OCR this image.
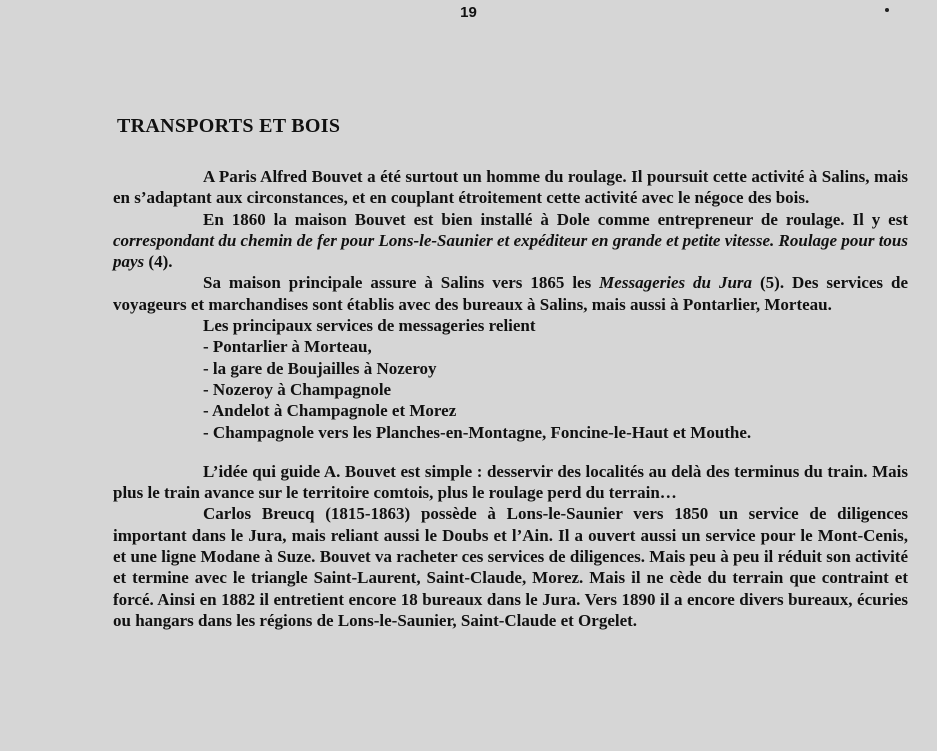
19
TRANSPORTS ET BOIS

A Paris Alfred Bouvet a été surtout un homme du roulage. Il poursuit cette activité à Salins, mais en s’adaptant aux circonstances, et en couplant étroitement cette activité avec le négoce des bois.

En 1860 la maison Bouvet est bien installé à Dole comme entrepreneur de roulage. Il y est correspondant du chemin de fer pour Lons-le-Saunier et expéditeur en grande et petite vitesse. Roulage pour tous pays (4).

Sa maison principale assure à Salins vers 1865 les Messageries du Jura (5). Des services de voyageurs et marchandises sont établis avec des bureaux à Salins, mais aussi à Pontarlier, Morteau.

Les principaux services de messageries relient
- Pontarlier à Morteau,
- la gare de Boujailles à Nozeroy
- Nozeroy à Champagnole
- Andelot à Champagnole et Morez
- Champagnole vers les Planches-en-Montagne, Foncine-le-Haut et Mouthe.

L’idée qui guide A. Bouvet est simple : desservir des localités au delà des terminus du train. Mais plus le train avance sur le territoire comtois, plus le roulage perd du terrain…

Carlos Breucq (1815-1863) possède à Lons-le-Saunier vers 1850 un service de diligences important dans le Jura, mais reliant aussi le Doubs et l’Ain. Il a ouvert aussi un service pour le Mont-Cenis, et une ligne Modane à Suze. Bouvet va racheter ces services de diligences. Mais peu à peu il réduit son activité et termine avec le triangle Saint-Laurent, Saint-Claude, Morez. Mais il ne cède du terrain que contraint et forcé. Ainsi en 1882 il entretient encore 18 bureaux dans le Jura. Vers 1890 il a encore divers bureaux, écuries ou hangars dans les régions de Lons-le-Saunier, Saint-Claude et Orgelet.
